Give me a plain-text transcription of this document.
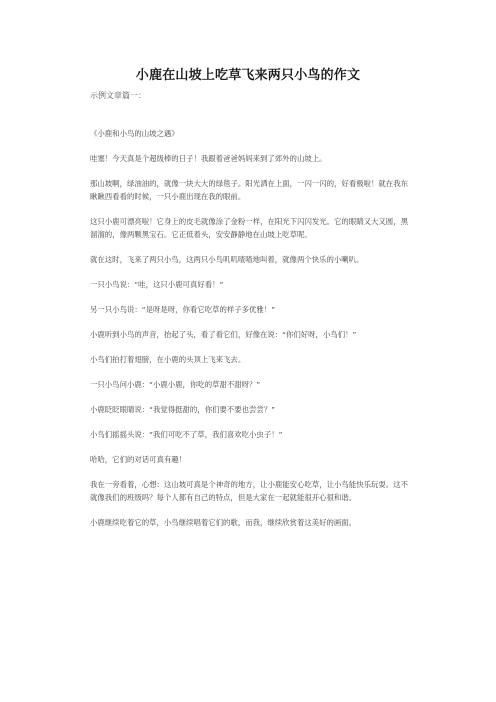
小鹿在山坡上吃草飞来两只小鸟的作文

示例文章篇一：

《小鹿和小鸟的山坡之遇》

哇塞！今天真是个超级棒的日子！我跟着爸爸妈妈来到了郊外的山坡上。

那山坡啊，绿油油的，就像一块大大的绿毯子。阳光洒在上面，一闪一闪的，好看极啦！就在我东瞅瞅西看看的时候，一只小鹿出现在我的眼前。

这只小鹿可漂亮啦！它身上的皮毛就像涂了金粉一样，在阳光下闪闪发光。它的眼睛又大又圆，黑溜溜的，像两颗黑宝石。它正低着头，安安静静地在山坡上吃草呢。

就在这时，飞来了两只小鸟，这两只小鸟叽叽喳喳地叫着，就像两个快乐的小喇叭。

一只小鸟说：“哇，这只小鹿可真好看！”

另一只小鸟说：“是呀是呀，你看它吃草的样子多优雅！”

小鹿听到小鸟的声音，抬起了头，看了看它们，好像在说：“你们好呀，小鸟们！”

小鸟们拍打着翅膀，在小鹿的头顶上飞来飞去。

一只小鸟问小鹿：“小鹿小鹿，你吃的草甜不甜呀？”

小鹿眨眨眼睛说：“我觉得挺甜的，你们要不要也尝尝？”

小鸟们摇摇头说：“我们可吃不了草，我们喜欢吃小虫子！”

哈哈，它们的对话可真有趣！

我在一旁看着，心想：这山坡可真是个神奇的地方，让小鹿能安心吃草，让小鸟能快乐玩耍。这不就像我们的班级吗？每个人都有自己的特点，但是大家在一起就能很开心很和谐。

小鹿继续吃着它的草，小鸟继续唱着它们的歌，而我，继续欣赏着这美好的画面。
